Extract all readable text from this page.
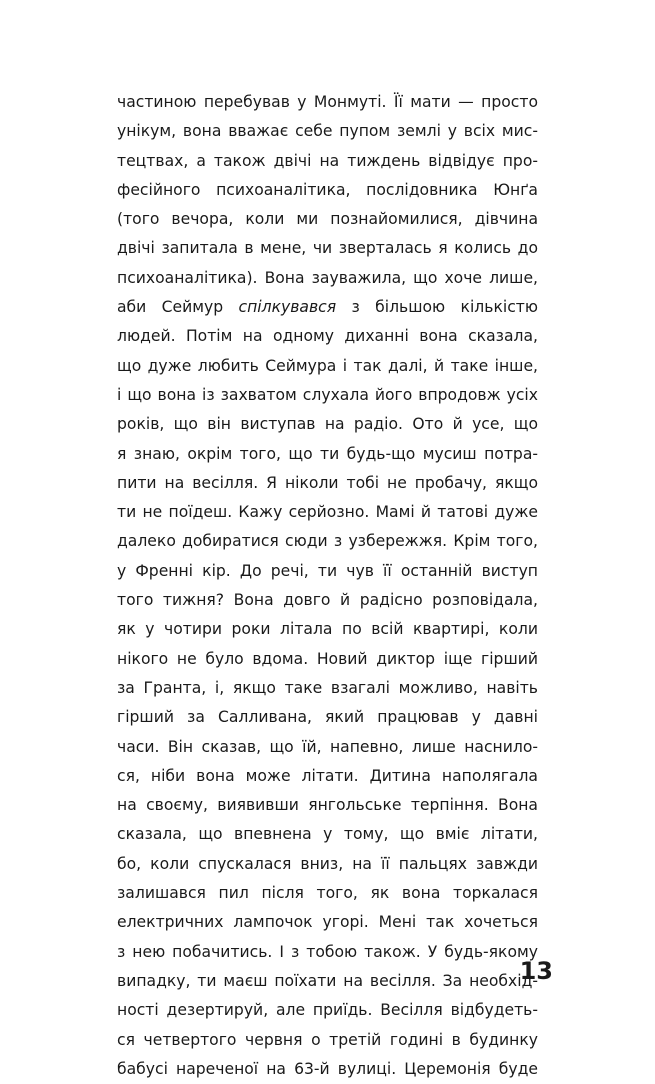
частиною перебував у Монмуті. Її мати — просто
унікум, вона вважає себе пупом землі у всіх мис-
тецтвах, а також двічі на тиждень відвідує про-
фесійного психоаналітика, послідовника Юнґа
(того вечора, коли ми познайомилися, дівчина
двічі запитала в мене, чи зверталась я колись до
психоаналітика). Вона зауважила, що хоче лише,
аби Сеймур спілкувався з більшою кількістю
людей. Потім на одному диханні вона сказала,
що дуже любить Сеймура і так далі, й таке інше,
і що вона із захватом слухала його впродовж усіх
років, що він виступав на радіо. Ото й усе, що
я знаю, окрім того, що ти будь-що мусиш потра-
пити на весілля. Я ніколи тобі не пробачу, якщо
ти не поїдеш. Кажу серйозно. Мамі й татові дуже
далеко добиратися сюди з узбережжя. Крім того,
у Френні кір. До речі, ти чув її останній виступ
того тижня? Вона довго й радісно розповідала,
як у чотири роки літала по всій квартирі, коли
нікого не було вдома. Новий диктор іще гірший
за Гранта, і, якщо таке взагалі можливо, навіть
гірший за Салливана, який працював у давні
часи. Він сказав, що їй, напевно, лише наснило-
ся, ніби вона може літати. Дитина наполягала
на своєму, виявивши янгольське терпіння. Вона
сказала, що впевнена у тому, що вміє літати,
бо, коли спускалася вниз, на її пальцях завжди
залишався пил після того, як вона торкалася
електричних лампочок угорі. Мені так хочеться
з нею побачитись. І з тобою також. У будь-якому
випадку, ти маєш поїхати на весілля. За необхід-
ності дезертируй, але приїдь. Весілля відбудеть-
ся четвертого червня о третій годині в будинку
бабусі нареченої на 63-й вулиці. Церемонія буде
13
